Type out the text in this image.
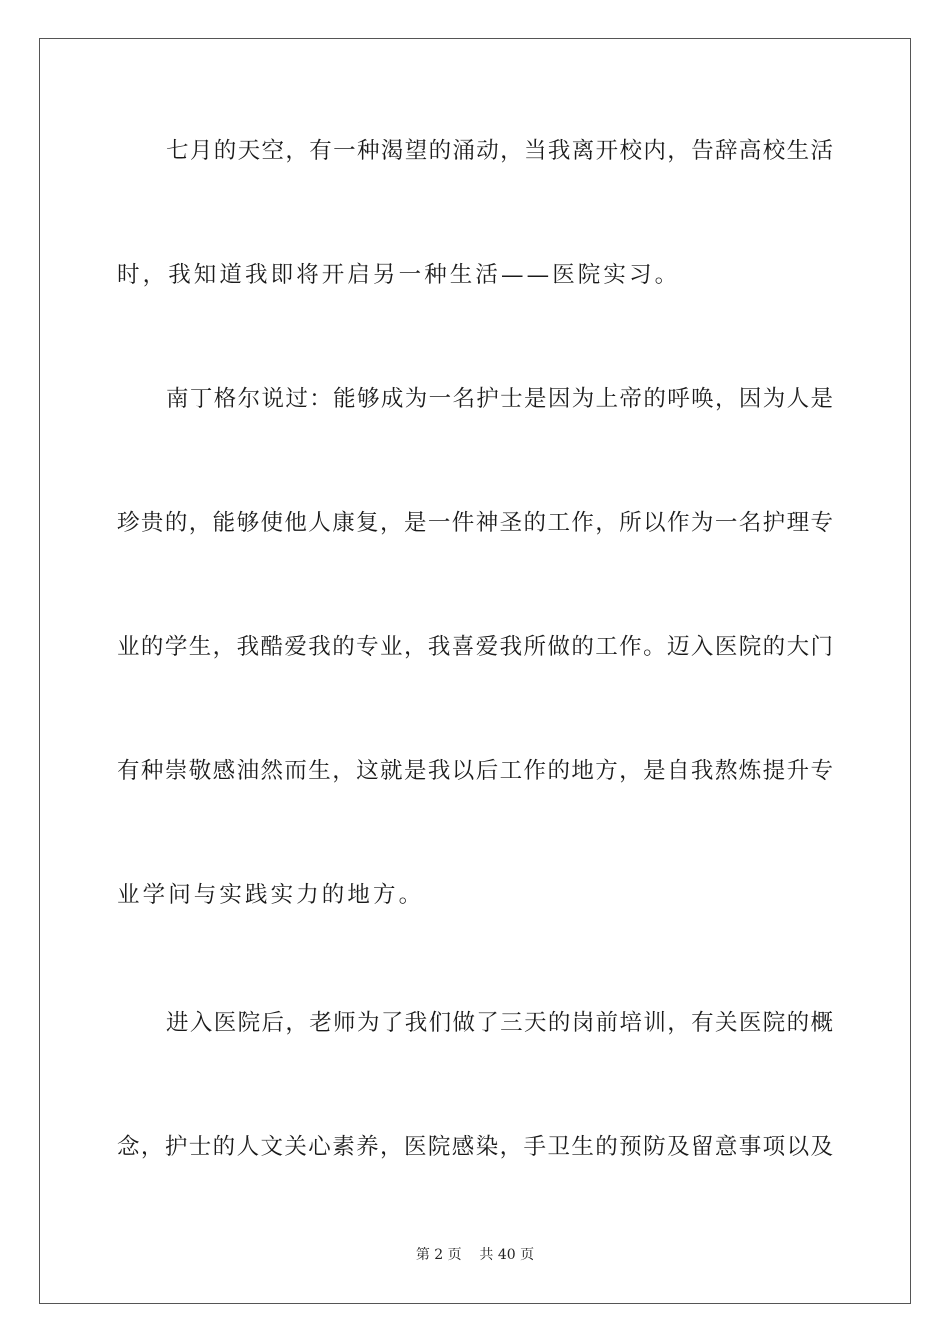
七月的天空，有一种渴望的涌动，当我离开校内，告辞高校生活
时，我知道我即将开启另一种生活——医院实习。
南丁格尔说过：能够成为一名护士是因为上帝的呼唤，因为人是
珍贵的，能够使他人康复，是一件神圣的工作，所以作为一名护理专
业的学生，我酷爱我的专业，我喜爱我所做的工作。迈入医院的大门
有种崇敬感油然而生，这就是我以后工作的地方，是自我熬炼提升专
业学问与实践实力的地方。
进入医院后，老师为了我们做了三天的岗前培训，有关医院的概
念，护士的人文关心素养，医院感染，手卫生的预防及留意事项以及
第 2 页    共 40 页
